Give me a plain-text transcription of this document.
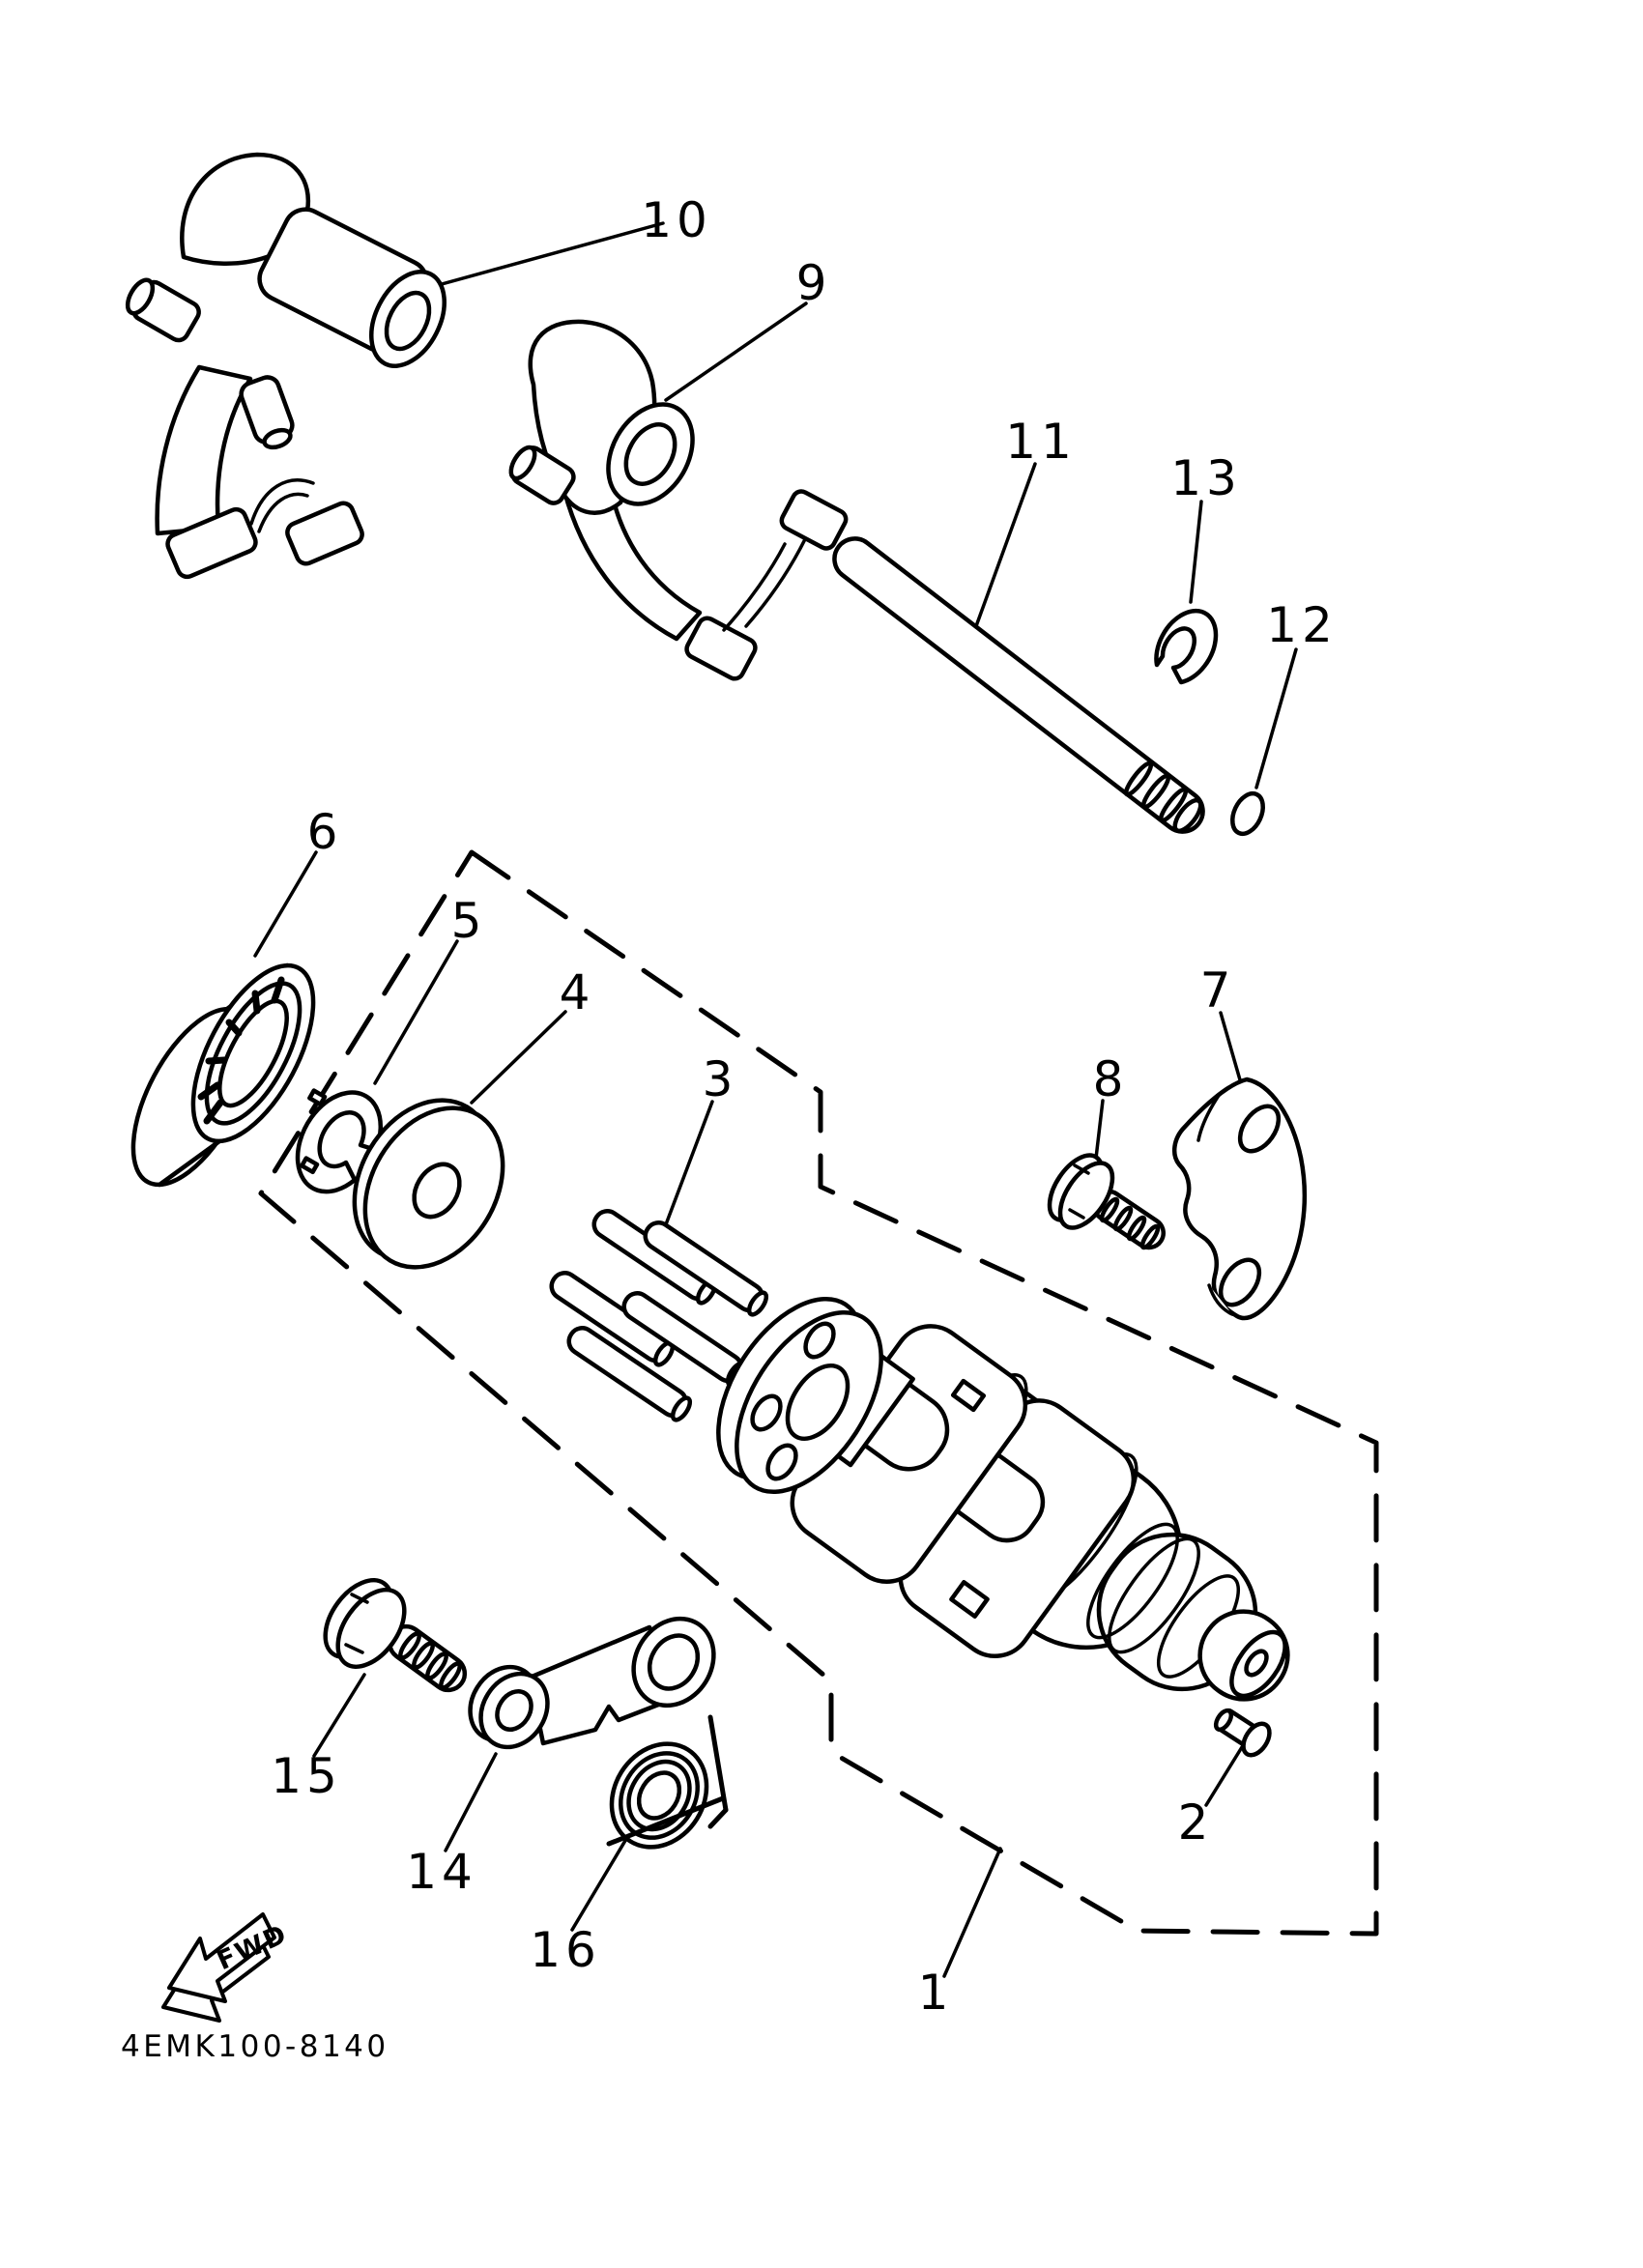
FWD
1
2
3
4
5
6
7
8
9
10
11
12
13
14
15
16
4EMK100-8140
